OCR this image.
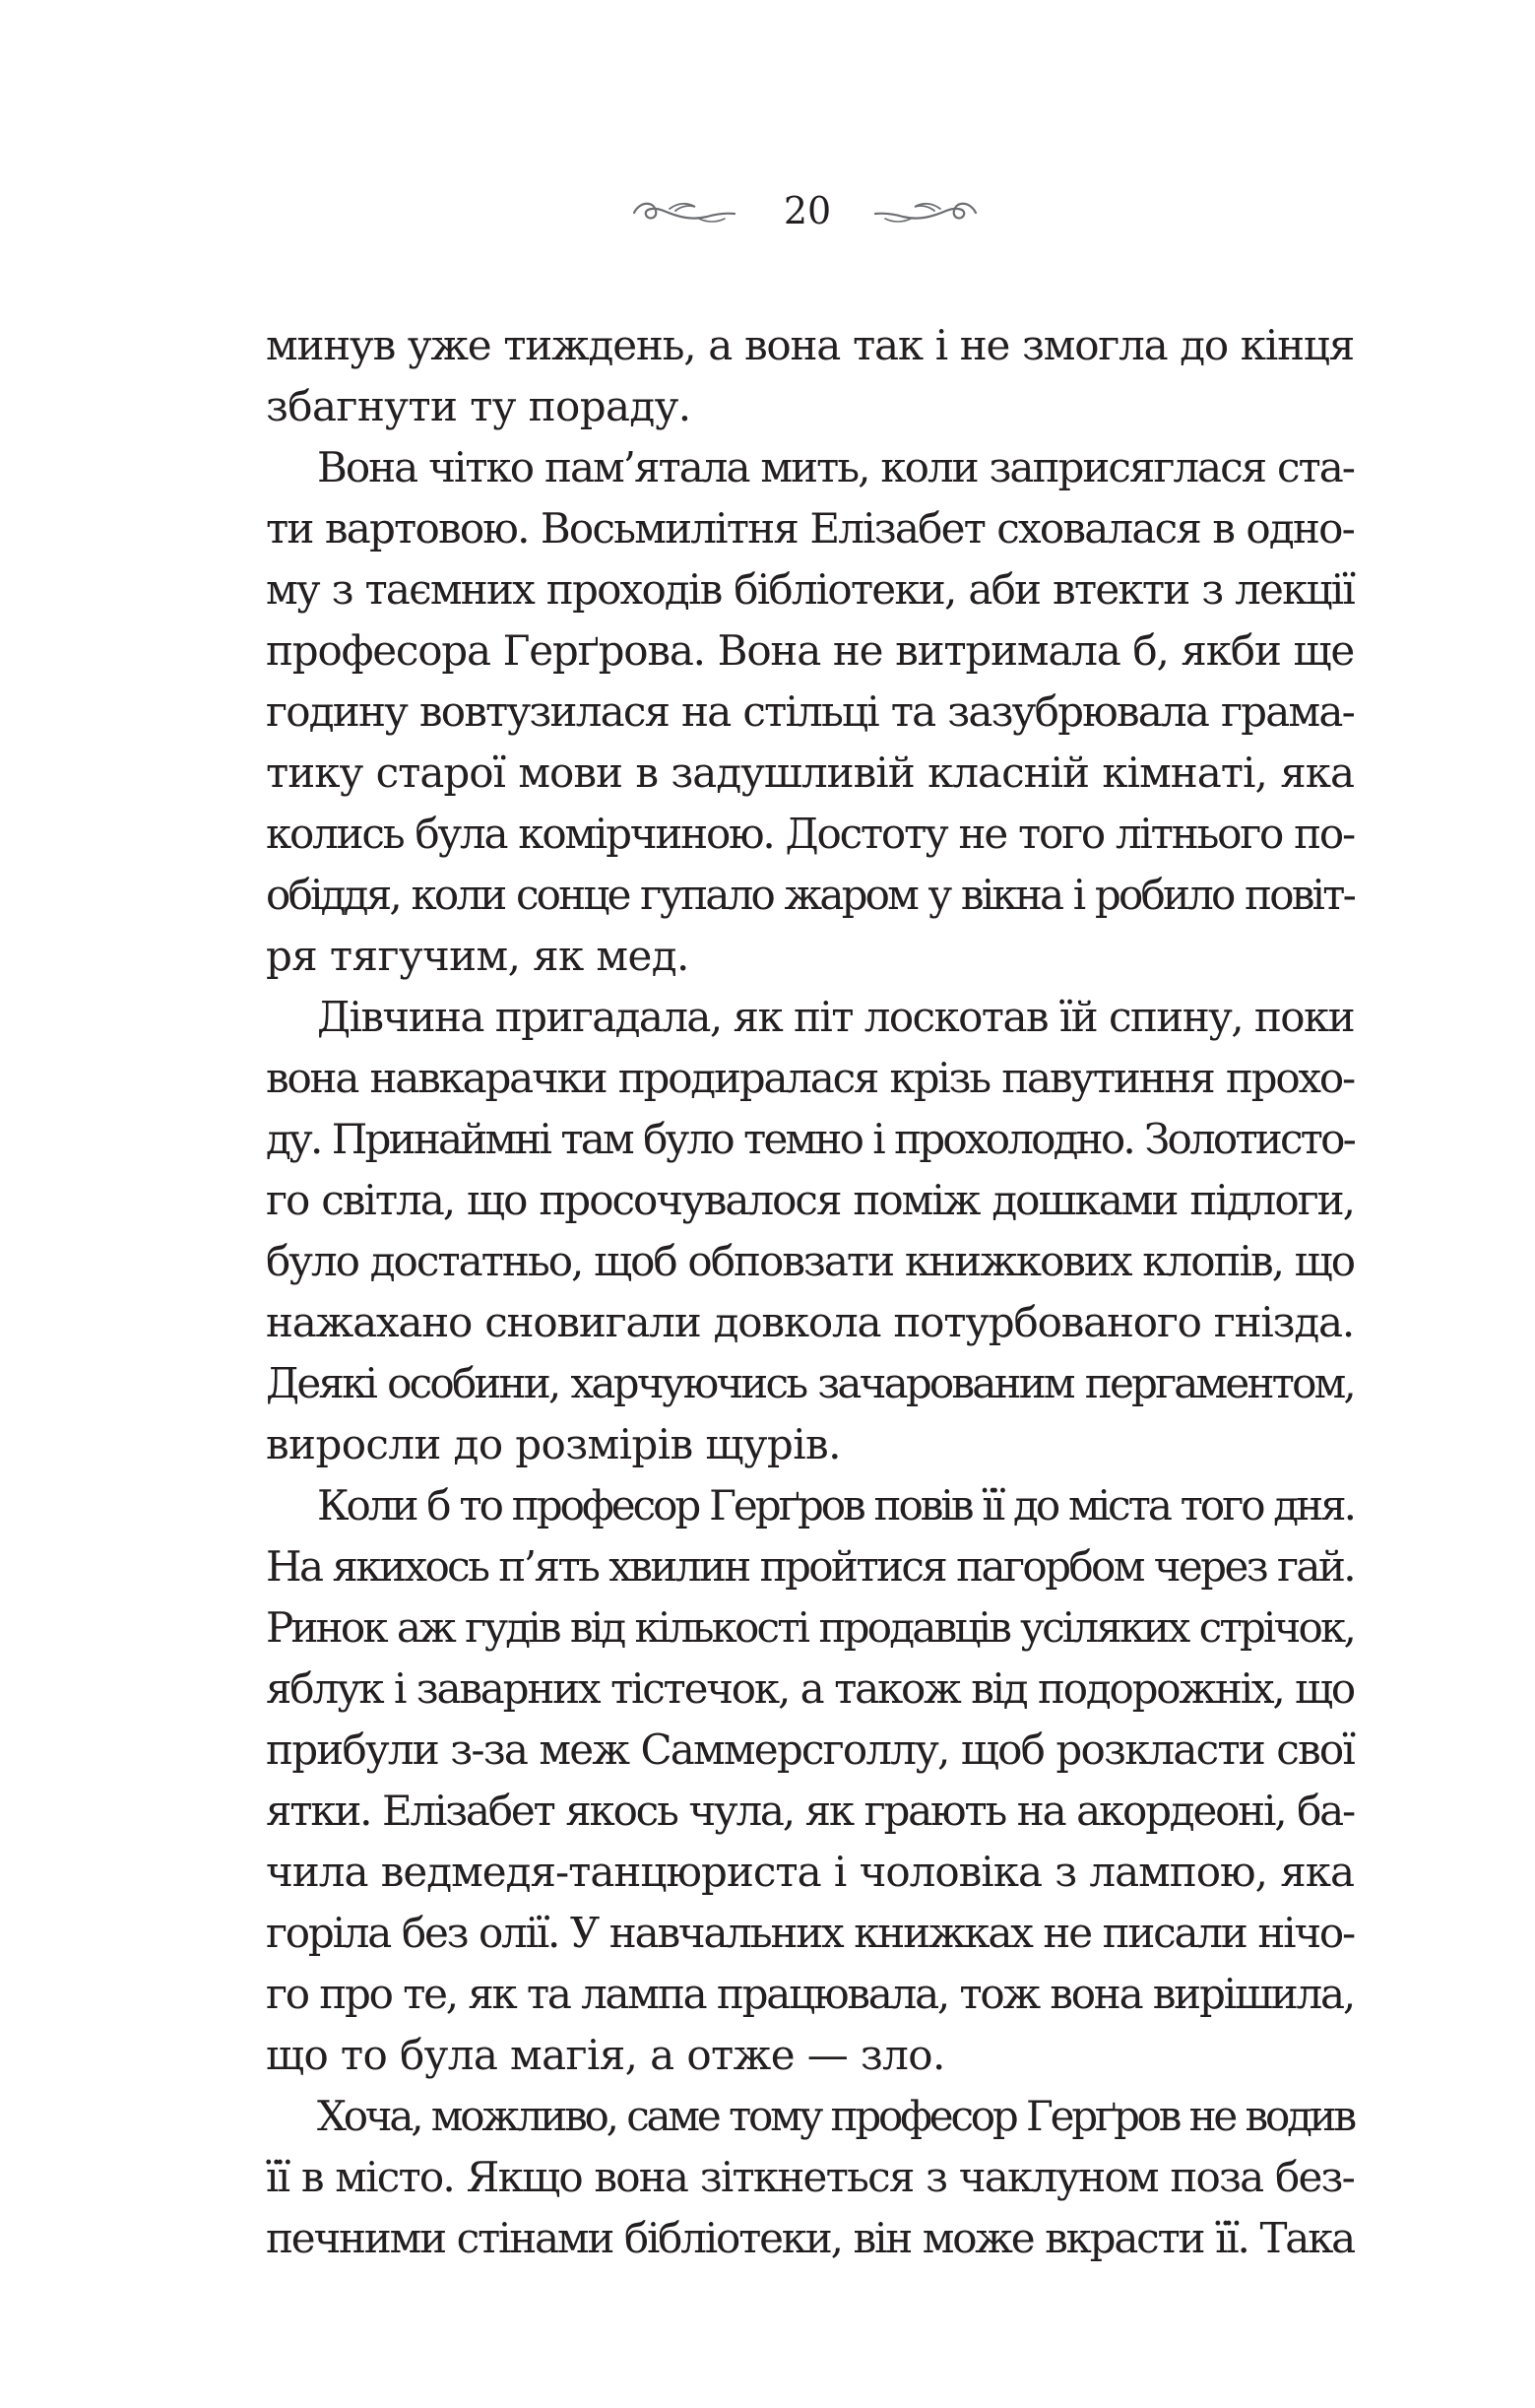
20
минув уже тиждень, а вона так і не змогла до кінця
збагнути ту пораду.
Вона чітко пам’ятала мить, коли заприсяглася ста-
ти вартовою. Восьмилітня Елізабет сховалася в одно-
му з таємних проходів бібліотеки, аби втекти з лекції
професора Герґрова. Вона не витримала б, якби ще
годину вовтузилася на стільці та зазубрювала грама-
тику старої мови в задушливій класній кімнаті, яка
колись була комірчиною. Достоту не того літнього по-
обіддя, коли сонце гупало жаром у вікна і робило повіт-
ря тягучим, як мед.
Дівчина пригадала, як піт лоскотав їй спину, поки
вона навкарачки продиралася крізь павутиння прохо-
ду. Принаймні там було темно і прохолодно. Золотисто-
го світла, що просочувалося поміж дошками підлоги,
було достатньо, щоб обповзати книжкових клопів, що
нажахано сновигали довкола потурбованого гнізда.
Деякі особини, харчуючись зачарованим пергаментом,
виросли до розмірів щурів.
Коли б то професор Герґров повів її до міста того дня.
На якихось п’ять хвилин пройтися пагорбом через гай.
Ринок аж гудів від кількості продавців усіляких стрічок,
яблук і заварних тістечок, а також від подорожніх, що
прибули з-за меж Саммерсголлу, щоб розкласти свої
ятки. Елізабет якось чула, як грають на акордеоні, ба-
чила ведмедя-танцюриста і чоловіка з лампою, яка
горіла без олії. У навчальних книжках не писали нічо-
го про те, як та лампа працювала, тож вона вирішила,
що то була магія, а отже — зло.
Хоча, можливо, саме тому професор Герґров не водив
її в місто. Якщо вона зіткнеться з чаклуном поза без-
печними стінами бібліотеки, він може вкрасти її. Така
